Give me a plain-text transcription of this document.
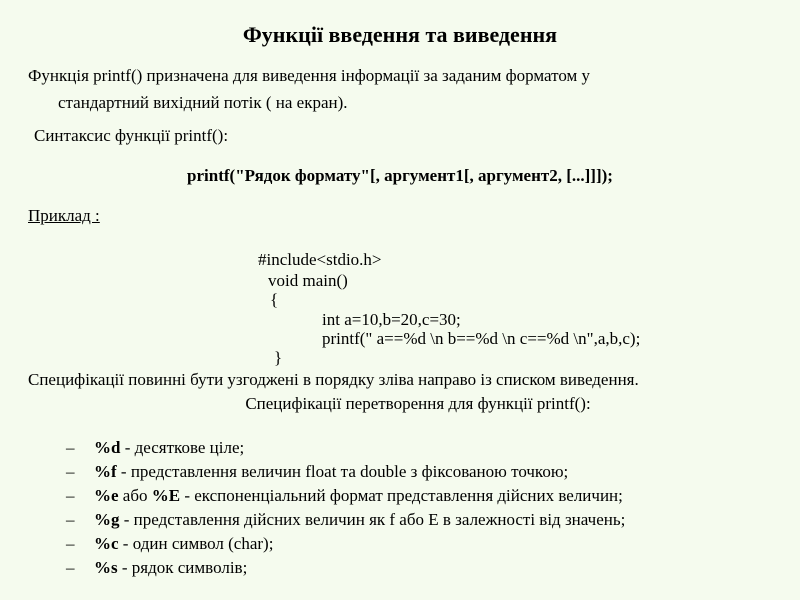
Функції введення та виведення
Функція printf() призначена для виведення інформації за заданим форматом у
стандартний вихідний потік ( на екран).
Синтаксис функції printf():
printf("Рядок формату"[, аргумент1[, аргумент2, [...]]]);
Приклад :
#include<stdio.h>
void main()
{
int a=10,b=20,c=30;
printf(" a==%d \n b==%d \n c==%d \n",a,b,c);
}
Специфікації повинні бути узгоджені в порядку зліва направо із списком виведення.
Специфікації перетворення для функції printf():
– %d - десяткове ціле;
– %f - представлення величин float та double з фіксованою точкою;
– %e або %E - експоненціальний формат представлення дійсних величин;
– %g - представлення дійсних величин як f або E в залежності від значень;
– %c - один символ (char);
– %s - рядок символів;
